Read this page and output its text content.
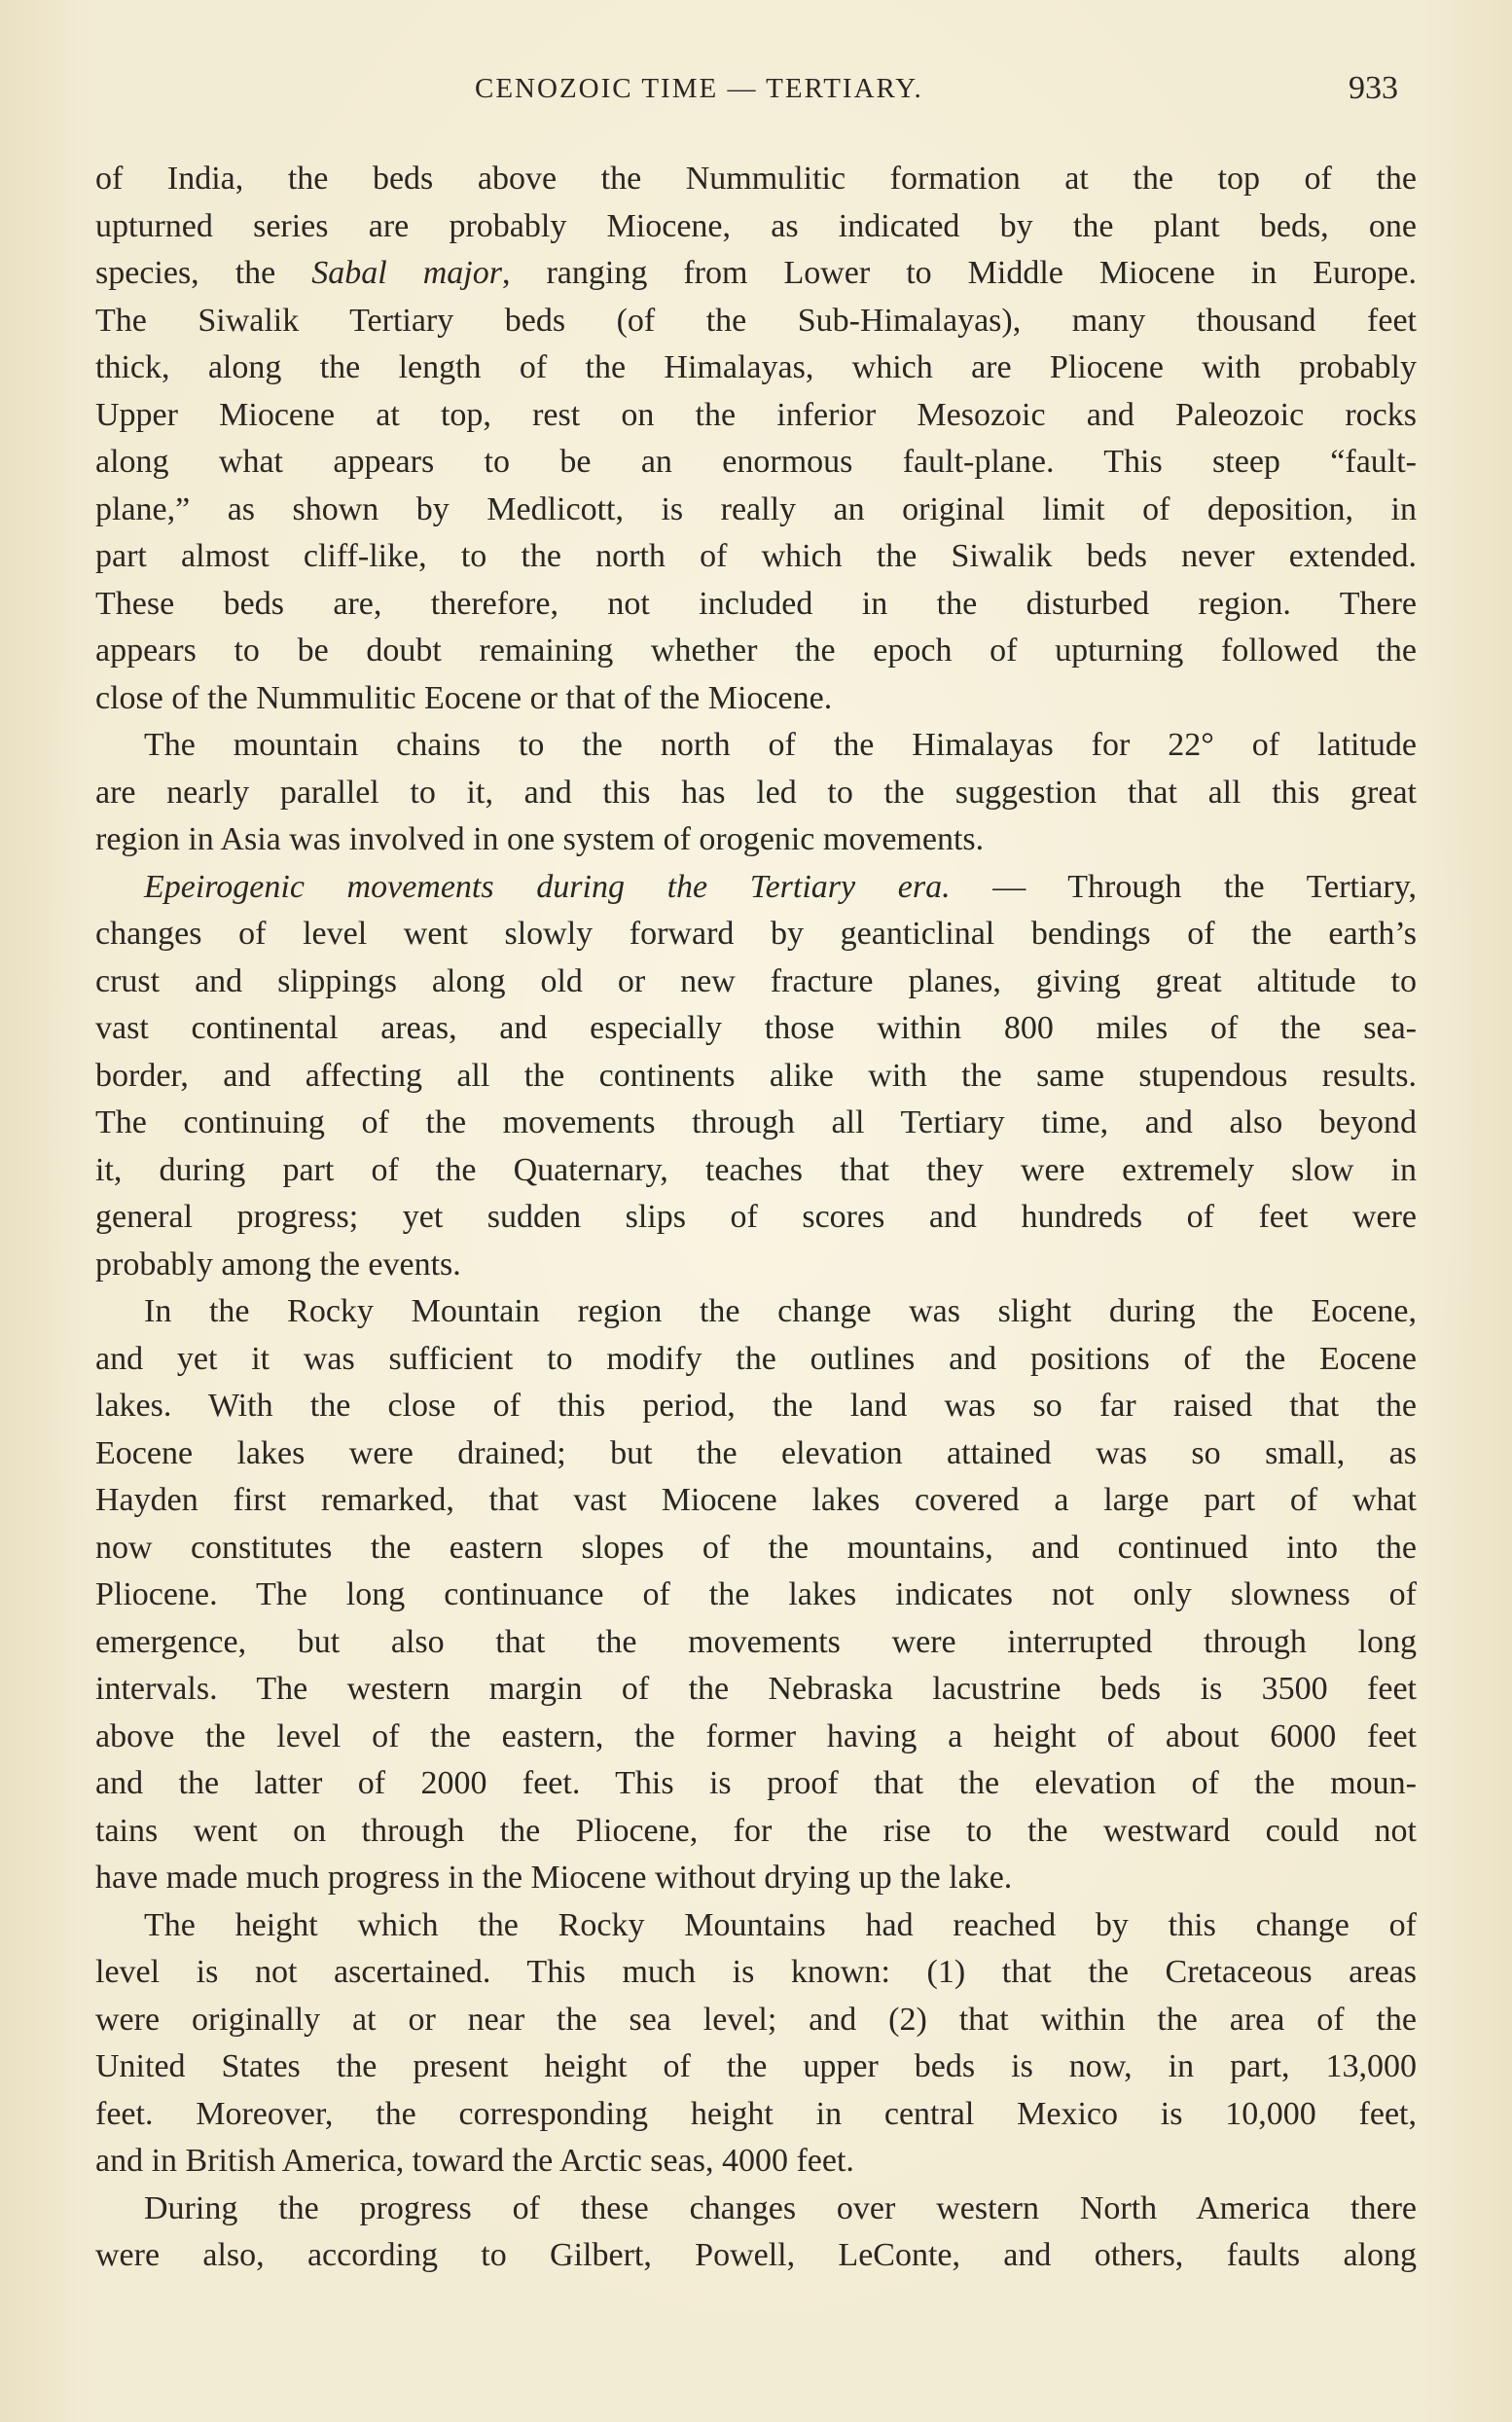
CENOZOIC TIME — TERTIARY.	933
of India, the beds above the Nummulitic formation at the top of the
upturned series are probably Miocene, as indicated by the plant beds, one
species, the Sabal major, ranging from Lower to Middle Miocene in Europe.
The Siwalik Tertiary beds (of the Sub-Himalayas), many thousand feet
thick, along the length of the Himalayas, which are Pliocene with probably
Upper Miocene at top, rest on the inferior Mesozoic and Paleozoic rocks
along what appears to be an enormous fault-plane. This steep “fault-
plane,” as shown by Medlicott, is really an original limit of deposition, in
part almost cliff-like, to the north of which the Siwalik beds never extended.
These beds are, therefore, not included in the disturbed region. There
appears to be doubt remaining whether the epoch of upturning followed the
close of the Nummulitic Eocene or that of the Miocene.
The mountain chains to the north of the Himalayas for 22° of latitude
are nearly parallel to it, and this has led to the suggestion that all this great
region in Asia was involved in one system of orogenic movements.
Epeirogenic movements during the Tertiary era. — Through the Tertiary,
changes of level went slowly forward by geanticlinal bendings of the earth’s
crust and slippings along old or new fracture planes, giving great altitude to
vast continental areas, and especially those within 800 miles of the sea-
border, and affecting all the continents alike with the same stupendous results.
The continuing of the movements through all Tertiary time, and also beyond
it, during part of the Quaternary, teaches that they were extremely slow in
general progress; yet sudden slips of scores and hundreds of feet were
probably among the events.
In the Rocky Mountain region the change was slight during the Eocene,
and yet it was sufficient to modify the outlines and positions of the Eocene
lakes. With the close of this period, the land was so far raised that the
Eocene lakes were drained; but the elevation attained was so small, as
Hayden first remarked, that vast Miocene lakes covered a large part of what
now constitutes the eastern slopes of the mountains, and continued into the
Pliocene. The long continuance of the lakes indicates not only slowness of
emergence, but also that the movements were interrupted through long
intervals. The western margin of the Nebraska lacustrine beds is 3500 feet
above the level of the eastern, the former having a height of about 6000 feet
and the latter of 2000 feet. This is proof that the elevation of the moun-
tains went on through the Pliocene, for the rise to the westward could not
have made much progress in the Miocene without drying up the lake.
The height which the Rocky Mountains had reached by this change of
level is not ascertained. This much is known: (1) that the Cretaceous areas
were originally at or near the sea level; and (2) that within the area of the
United States the present height of the upper beds is now, in part, 13,000
feet. Moreover, the corresponding height in central Mexico is 10,000 feet,
and in British America, toward the Arctic seas, 4000 feet.
During the progress of these changes over western North America there
were also, according to Gilbert, Powell, LeConte, and others, faults along
